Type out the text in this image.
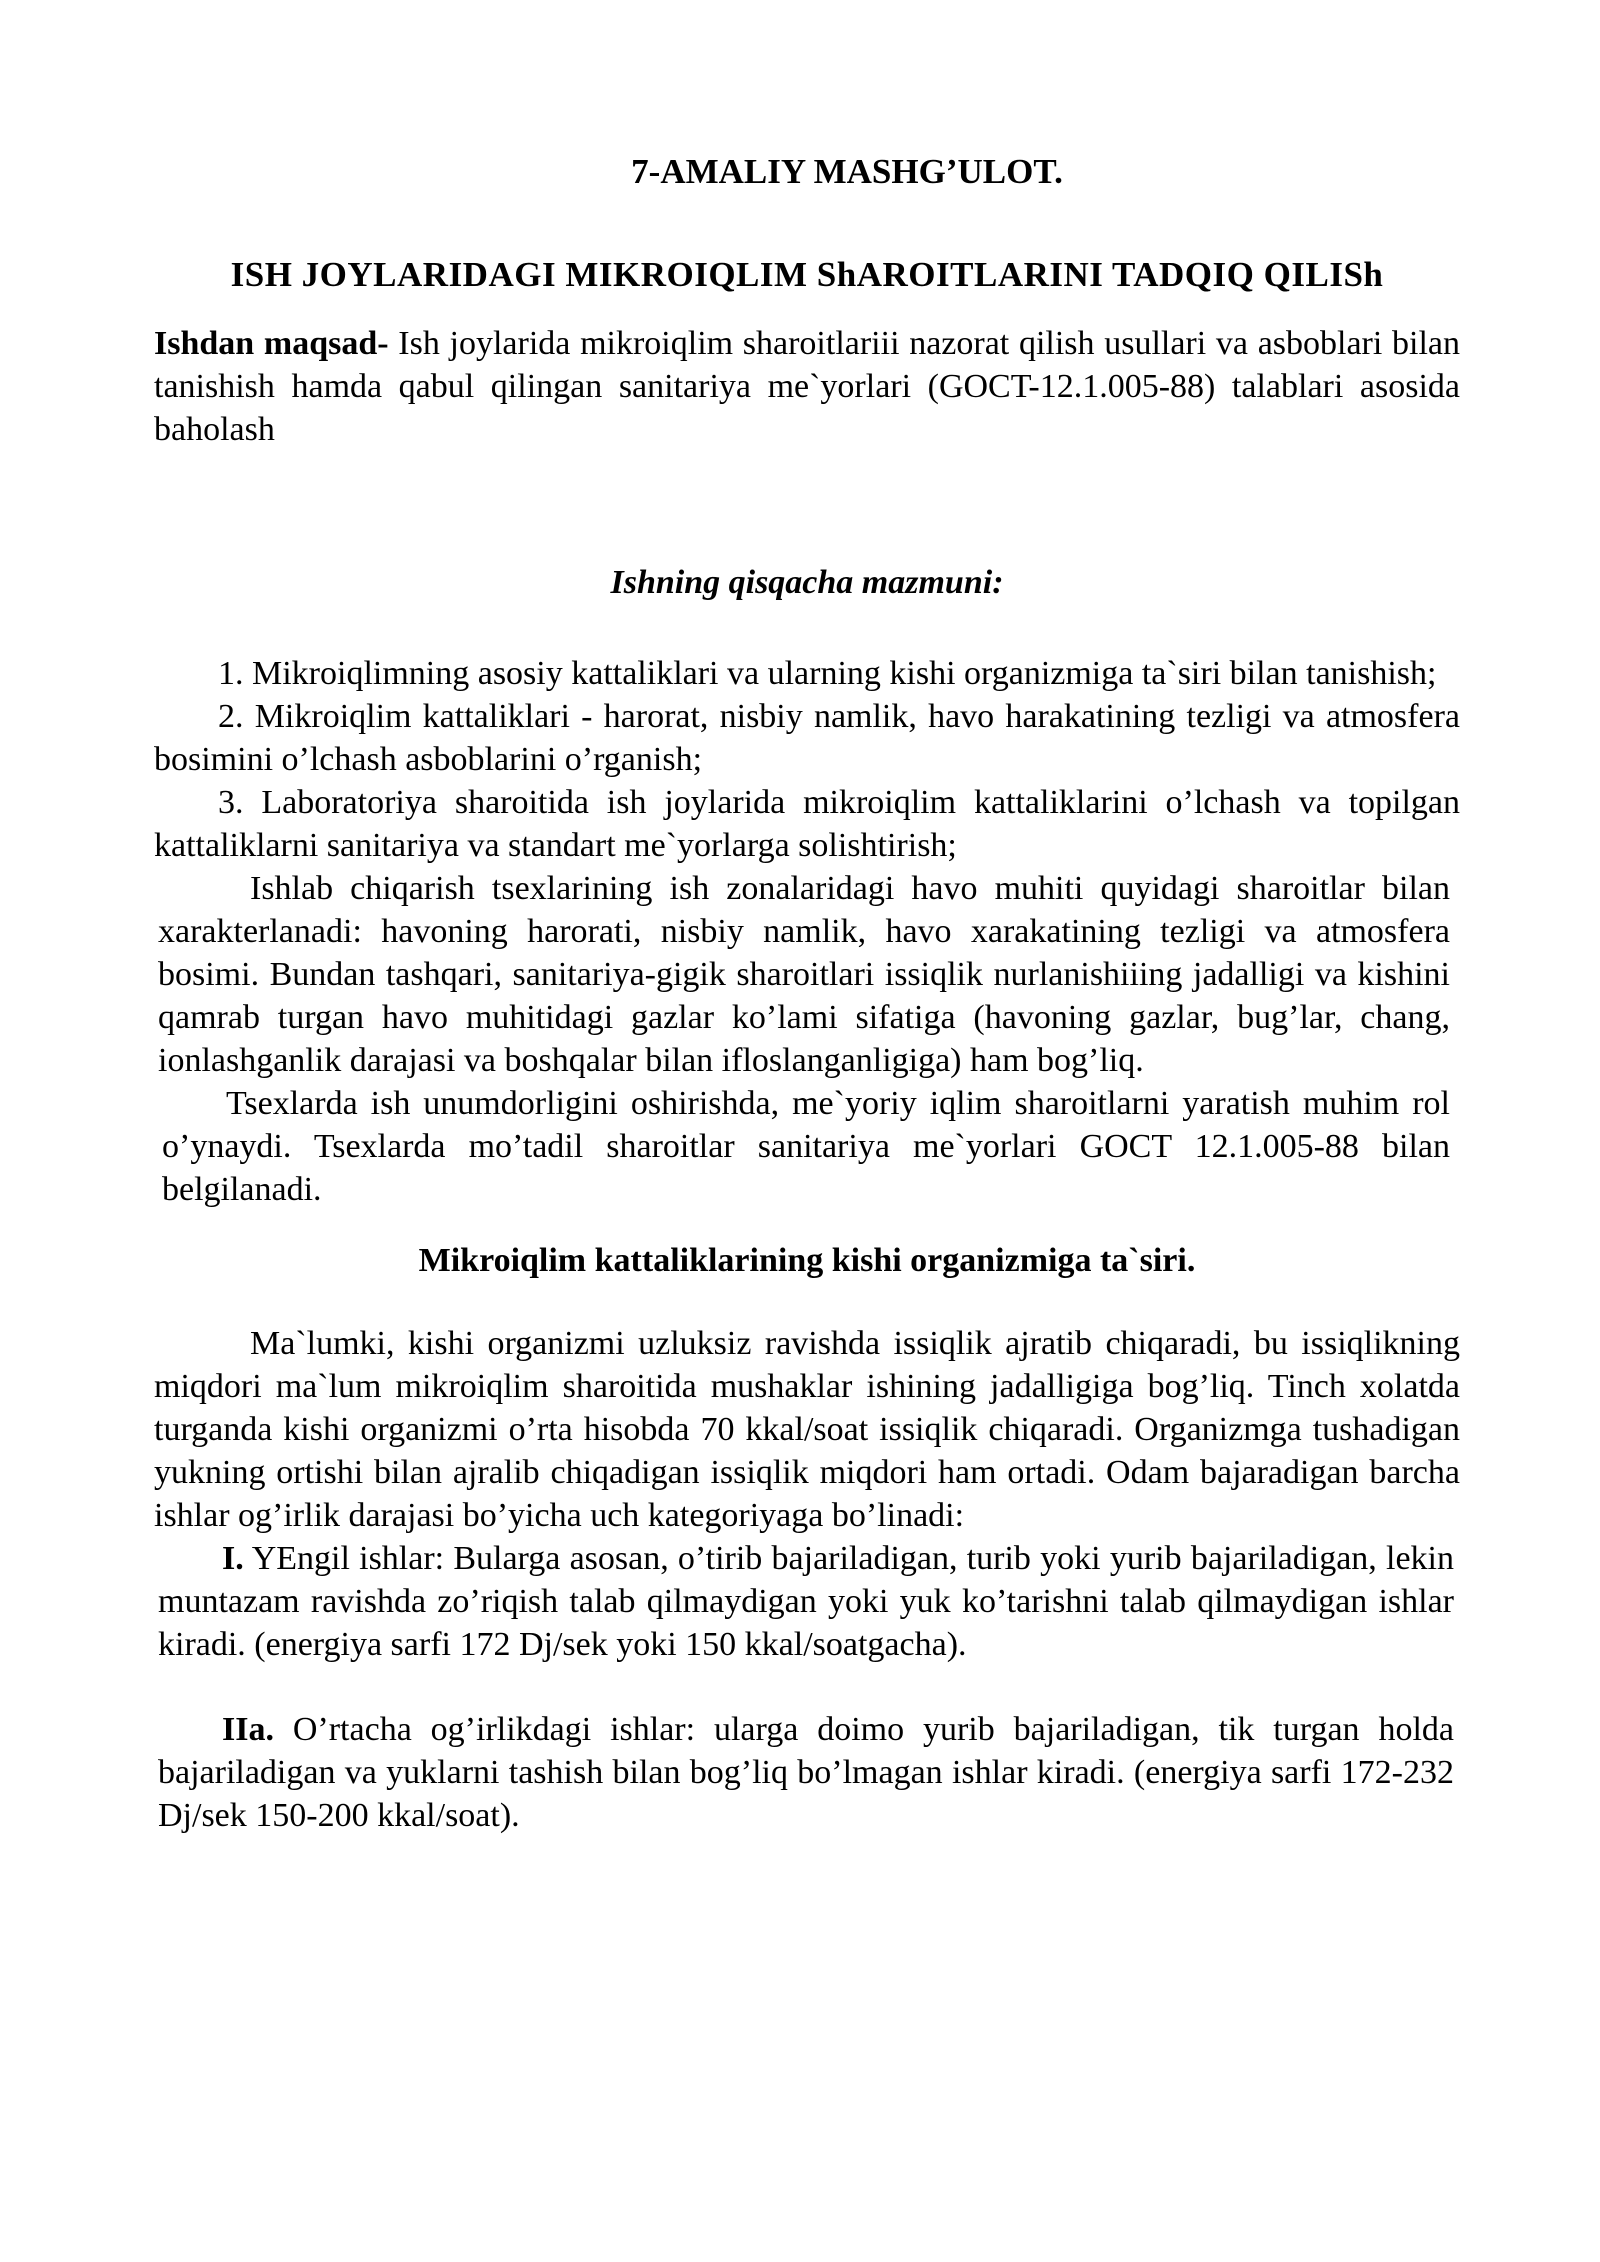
7-AMALIY MASHG’ULOT.
ISH JOYLARIDAGI MIKROIQLIM ShAROITLARINI TADQIQ QILISh

Ishdan maqsad- Ish joylarida mikroiqlim sharoitlariii nazorat qilish usullari va asboblari bilan tanishish hamda qabul qilingan sanitariya me`yorlari (GOCT-12.1.005-88) talablari asosida baholash

Ishning qisqacha mazmuni:

1. Mikroiqlimning asosiy kattaliklari va ularning kishi organizmiga ta`siri bilan tanishish;

2. Mikroiqlim kattaliklari - harorat, nisbiy namlik, havo harakatining tezligi va atmosfera bosimini o’lchash asboblarini o’rganish;

3. Laboratoriya sharoitida ish joylarida mikroiqlim kattaliklarini o’lchash va topilgan kattaliklarni sanitariya va standart me`yorlarga solishtirish;

Ishlab chiqarish tsexlarining ish zonalaridagi havo muhiti quyidagi sharoitlar bilan xarakterlanadi: havoning harorati, nisbiy namlik, havo xarakatining tezligi va atmosfera bosimi. Bundan tashqari, sanitariya-gigik sharoitlari issiqlik nurlanishiiing jadalligi va kishini qamrab turgan havo muhitidagi gazlar ko’lami sifatiga (havoning gazlar, bug’lar, chang, ionlashganlik darajasi va boshqalar bilan ifloslanganligiga) ham bog’liq.

Tsexlarda ish unumdorligini oshirishda, me`yoriy iqlim sharoitlarni yaratish muhim rol o’ynaydi. Tsexlarda mo’tadil sharoitlar sanitariya me`yorlari GOCT 12.1.005-88 bilan belgilanadi.

Mikroiqlim kattaliklarining kishi organizmiga ta`siri.

Ma`lumki, kishi organizmi uzluksiz ravishda issiqlik ajratib chiqaradi, bu issiqlikning miqdori ma`lum mikroiqlim sharoitida mushaklar ishining jadalligiga bog’liq. Tinch xolatda turganda kishi organizmi o’rta hisobda 70 kkal/soat issiqlik chiqaradi. Organizmga tushadigan yukning ortishi bilan ajralib chiqadigan issiqlik miqdori ham ortadi. Odam bajaradigan barcha ishlar og’irlik darajasi bo’yicha uch kategoriyaga bo’linadi:

I. YEngil ishlar: Bularga asosan, o’tirib bajariladigan, turib yoki yurib bajariladigan, lekin muntazam ravishda zo’riqish talab qilmaydigan yoki yuk ko’tarishni talab qilmaydigan ishlar kiradi. (energiya sarfi 172 Dj/sek yoki 150 kkal/soatgacha).

IIa. O’rtacha og’irlikdagi ishlar: ularga doimo yurib bajariladigan, tik turgan holda bajariladigan va yuklarni tashish bilan bog’liq bo’lmagan ishlar kiradi. (energiya sarfi 172-232 Dj/sek 150-200 kkal/soat).
